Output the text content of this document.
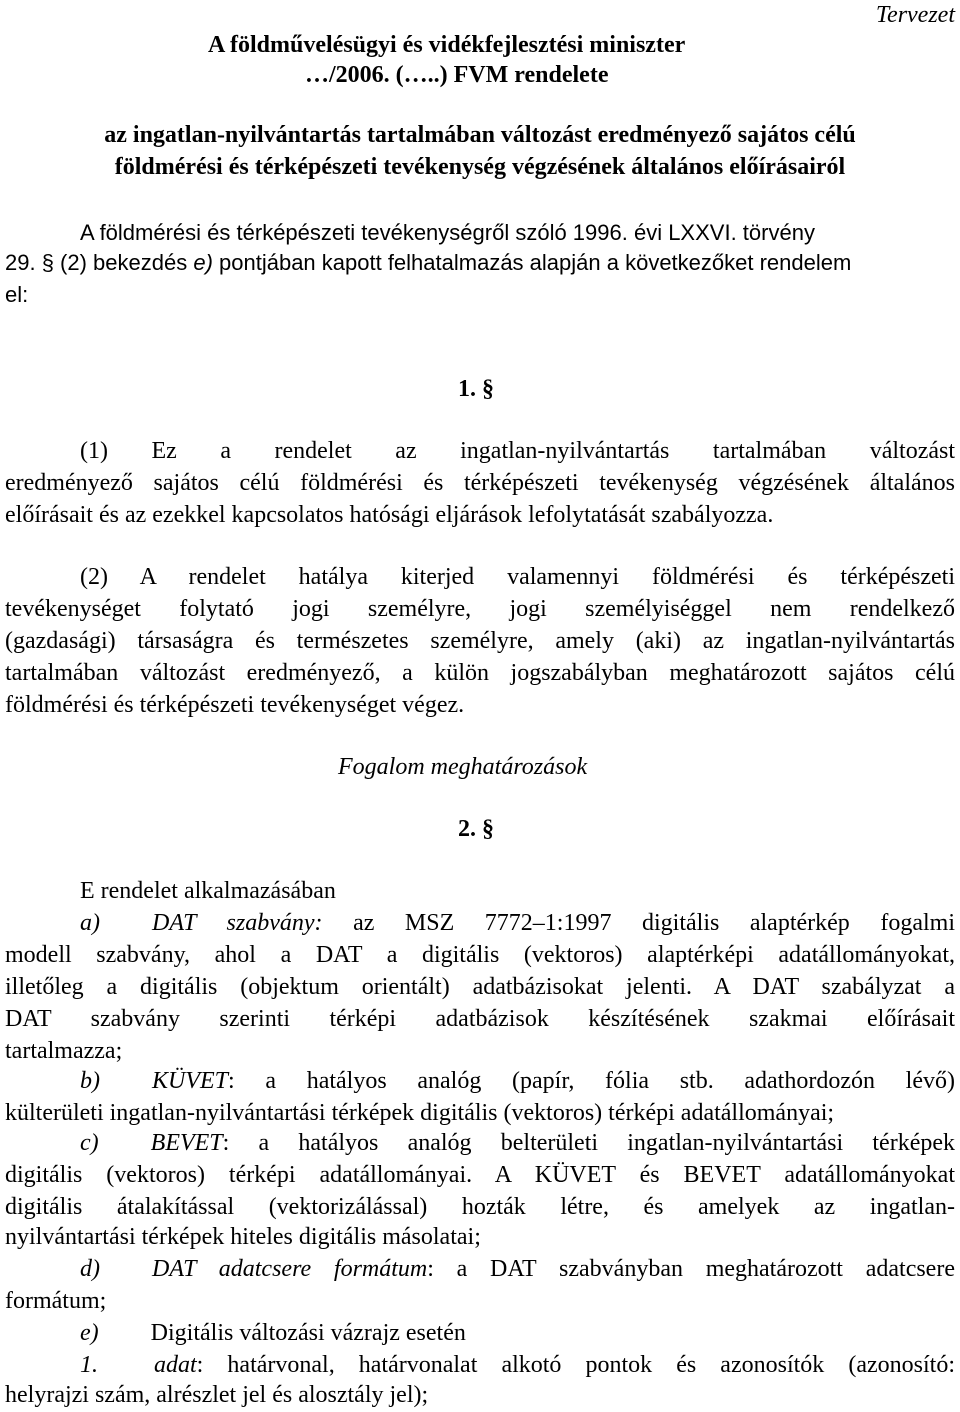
Tervezet
A földművelésügyi és vidékfejlesztési miniszter
…/2006. (…..) FVM rendelete
az ingatlan-nyilvántartás tartalmában változást eredményező sajátos célú
földmérési és térképészeti tevékenység végzésének általános előírásairól
A földmérési és térképészeti tevékenységről szóló 1996. évi LXXVI. törvény
29. § (2) bekezdés e) pontjában kapott felhatalmazás alapján a következőket rendelem
el:
1. §
(1) Ez a rendelet az ingatlan-nyilvántartás tartalmában változást
eredményező sajátos célú földmérési és térképészeti tevékenység végzésének általános
előírásait és az ezekkel kapcsolatos hatósági eljárások lefolytatását szabályozza.
(2) A rendelet hatálya kiterjed valamennyi földmérési és térképészeti
tevékenységet folytató jogi személyre, jogi személyiséggel nem rendelkező
(gazdasági) társaságra és természetes személyre, amely (aki) az ingatlan-nyilvántartás
tartalmában változást eredményező, a külön jogszabályban meghatározott sajátos célú
földmérési és térképészeti tevékenységet végez.
Fogalom meghatározások
2. §
E rendelet alkalmazásában
a) DAT szabvány: az MSZ 7772–1:1997 digitális alaptérkép fogalmi
modell szabvány, ahol a DAT a digitális (vektoros) alaptérképi adatállományokat,
illetőleg a digitális (objektum orientált) adatbázisokat jelenti. A DAT szabályzat a
DAT szabvány szerinti térképi adatbázisok készítésének szakmai előírásait
tartalmazza;
b) KÜVET: a hatályos analóg (papír, fólia stb. adathordozón lévő)
külterületi ingatlan-nyilvántartási térképek digitális (vektoros) térképi adatállományai;
c) BEVET: a hatályos analóg belterületi ingatlan-nyilvántartási térképek
digitális (vektoros) térképi adatállományai. A KÜVET és BEVET adatállományokat
digitális átalakítással (vektorizálással) hozták létre, és amelyek az ingatlan-
nyilvántartási térképek hiteles digitális másolatai;
d) DAT adatcsere formátum: a DAT szabványban meghatározott adatcsere
formátum;
e) Digitális változási vázrajz esetén
1. adat: határvonal, határvonalat alkotó pontok és azonosítók (azonosító:
helyrajzi szám, alrészlet jel és alosztály jel);
